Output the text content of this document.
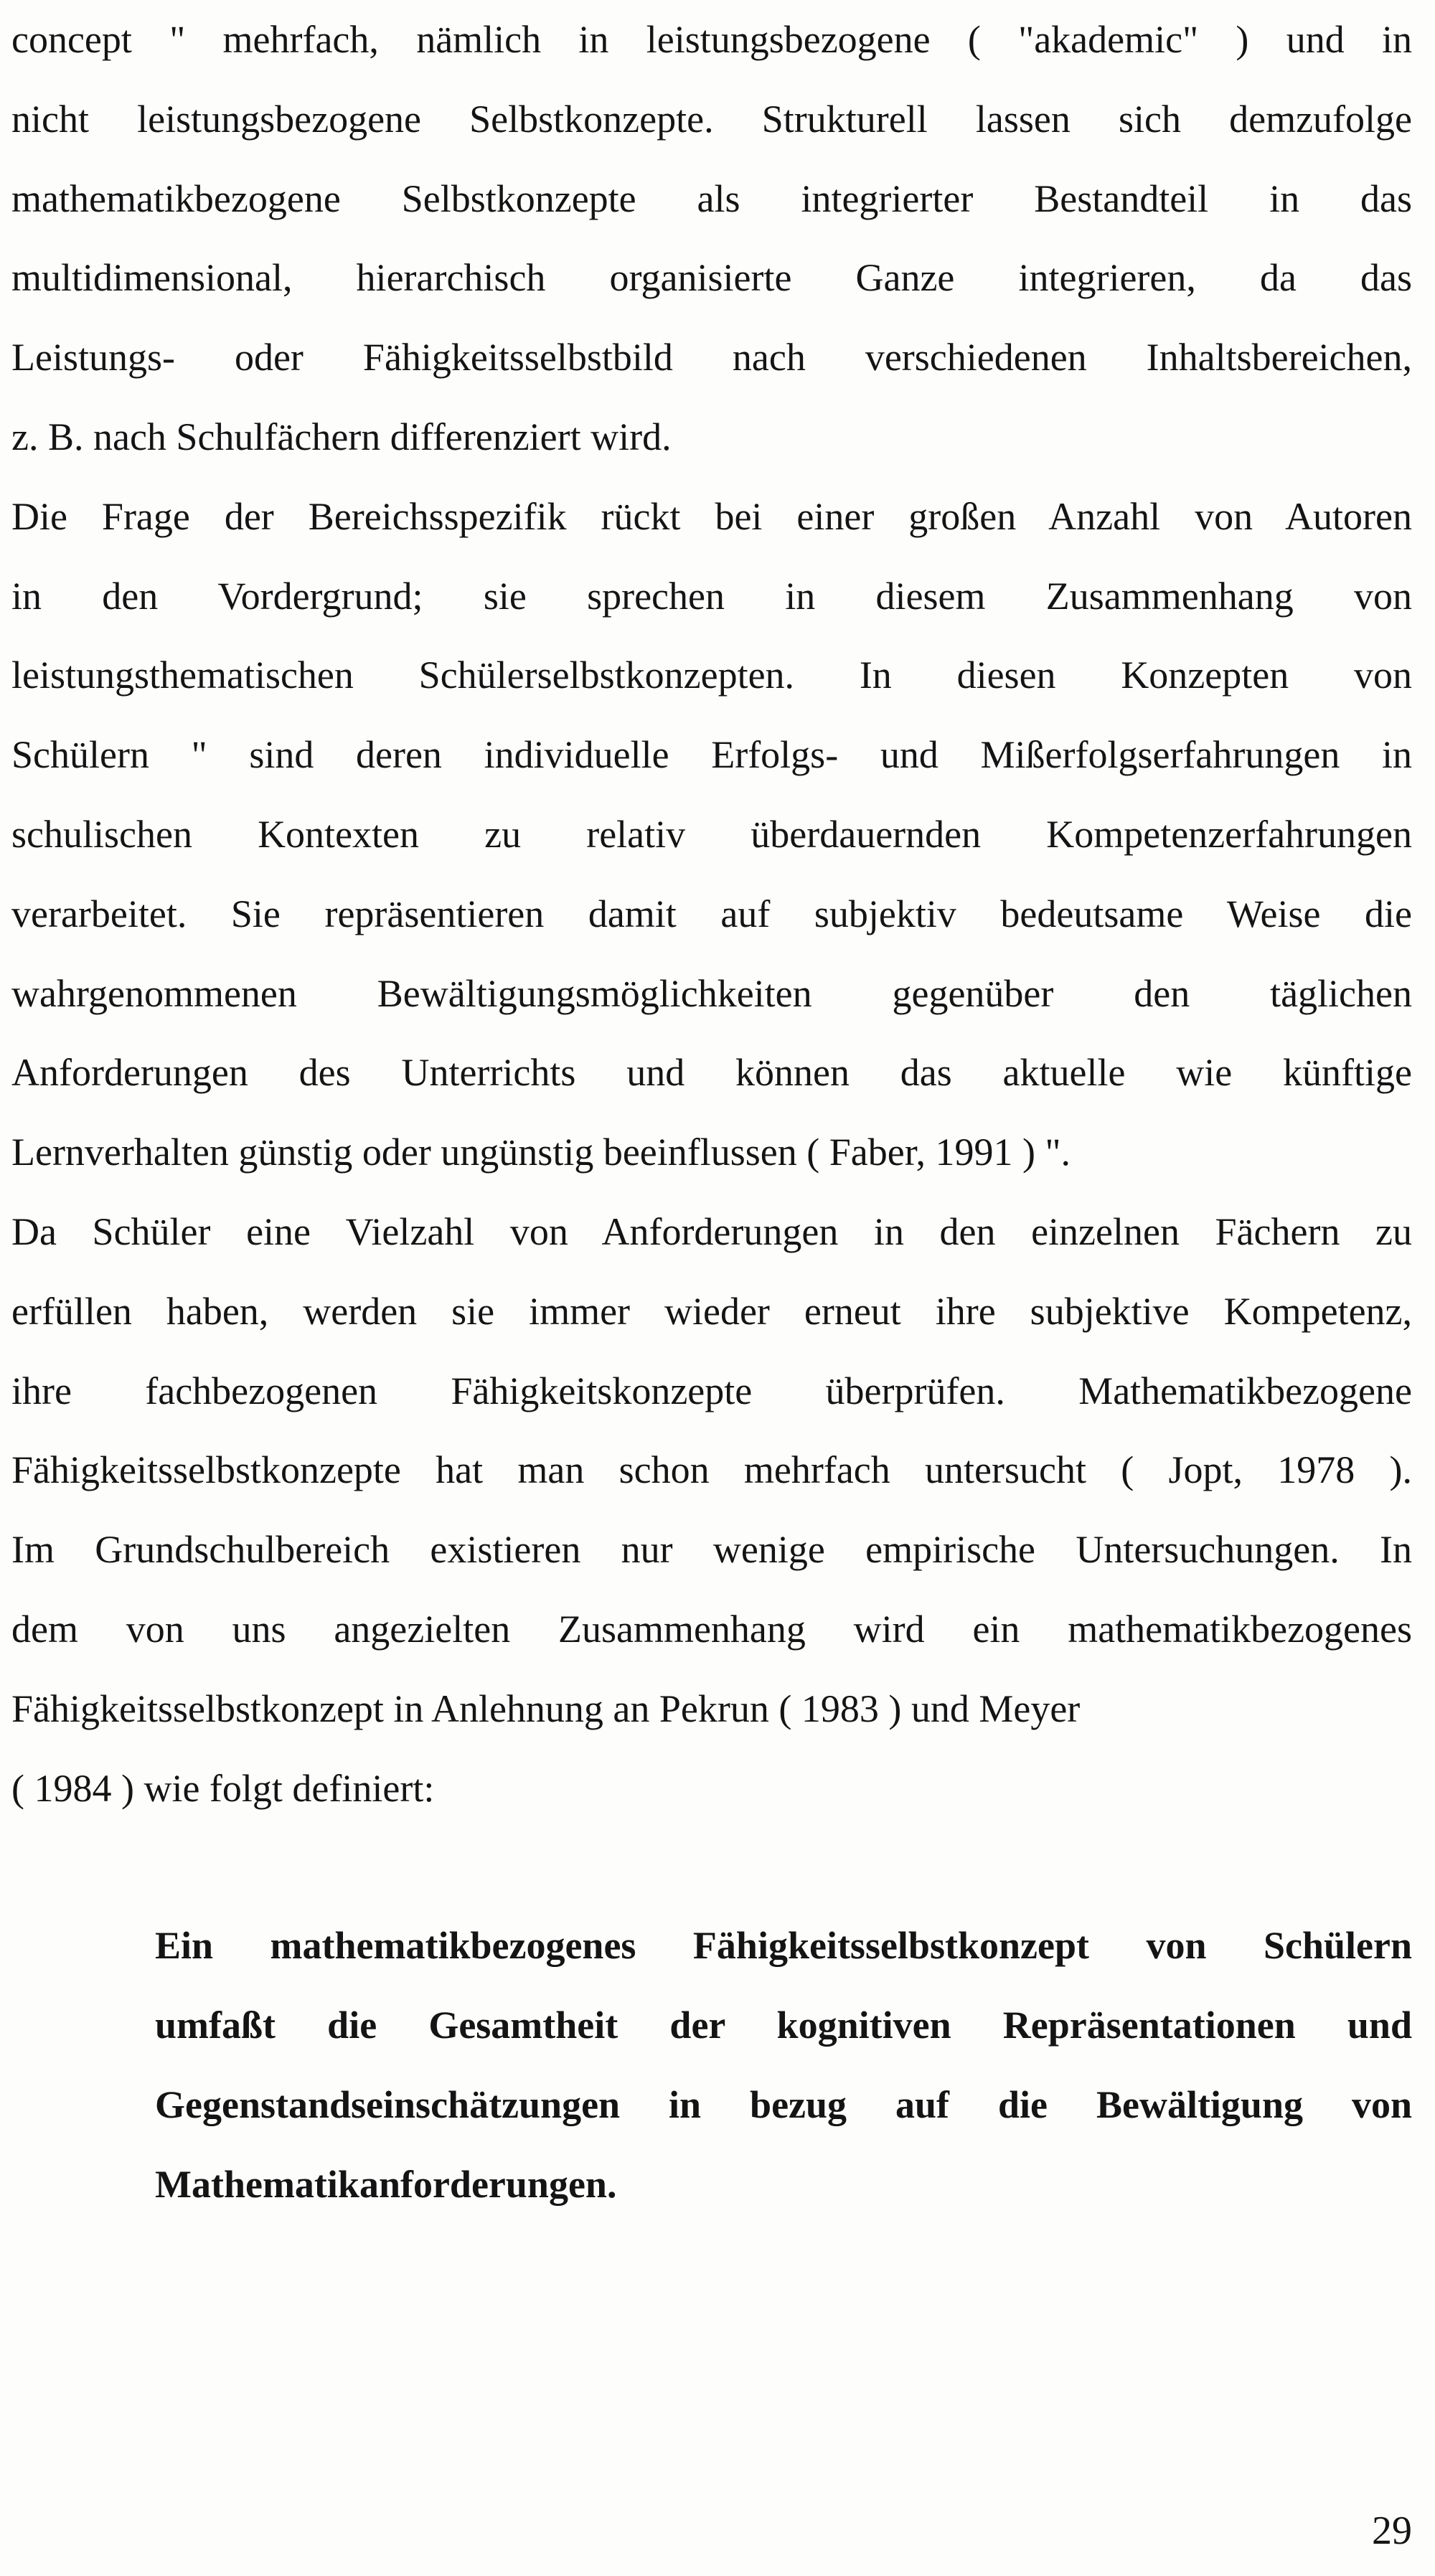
concept " mehrfach, nämlich in leistungsbezogene ( "akademic" ) und in
nicht leistungsbezogene Selbstkonzepte. Strukturell lassen sich demzufolge
mathematikbezogene Selbstkonzepte als integrierter Bestandteil in das
multidimensional, hierarchisch organisierte Ganze integrieren, da das
Leistungs- oder Fähigkeitsselbstbild nach verschiedenen Inhaltsbereichen,
z. B. nach Schulfächern differenziert wird.
Die Frage der Bereichsspezifik rückt bei einer großen Anzahl von Autoren
in den Vordergrund; sie sprechen in diesem Zusammenhang von
leistungsthematischen Schülerselbstkonzepten. In diesen Konzepten von
Schülern " sind deren individuelle Erfolgs- und Mißerfolgserfahrungen in
schulischen Kontexten zu relativ überdauernden Kompetenzerfahrungen
verarbeitet. Sie repräsentieren damit auf subjektiv bedeutsame Weise die
wahrgenommenen Bewältigungsmöglichkeiten gegenüber den täglichen
Anforderungen des Unterrichts und können das aktuelle wie künftige
Lernverhalten günstig oder ungünstig beeinflussen ( Faber, 1991 ) ".
Da Schüler eine Vielzahl von Anforderungen in den einzelnen Fächern zu
erfüllen haben, werden sie immer wieder erneut ihre subjektive Kompetenz,
ihre fachbezogenen Fähigkeitskonzepte überprüfen. Mathematikbezogene
Fähigkeitsselbstkonzepte hat man schon mehrfach untersucht ( Jopt, 1978 ).
Im Grundschulbereich existieren nur wenige empirische Untersuchungen. In
dem von uns angezielten Zusammenhang wird ein mathematikbezogenes
Fähigkeitsselbstkonzept in Anlehnung an Pekrun ( 1983 ) und Meyer
( 1984 ) wie folgt definiert:
Ein mathematikbezogenes Fähigkeitsselbstkonzept von Schülern
umfaßt die Gesamtheit der kognitiven Repräsentationen und
Gegenstandseinschätzungen in bezug auf die Bewältigung von
Mathematikanforderungen.
29
